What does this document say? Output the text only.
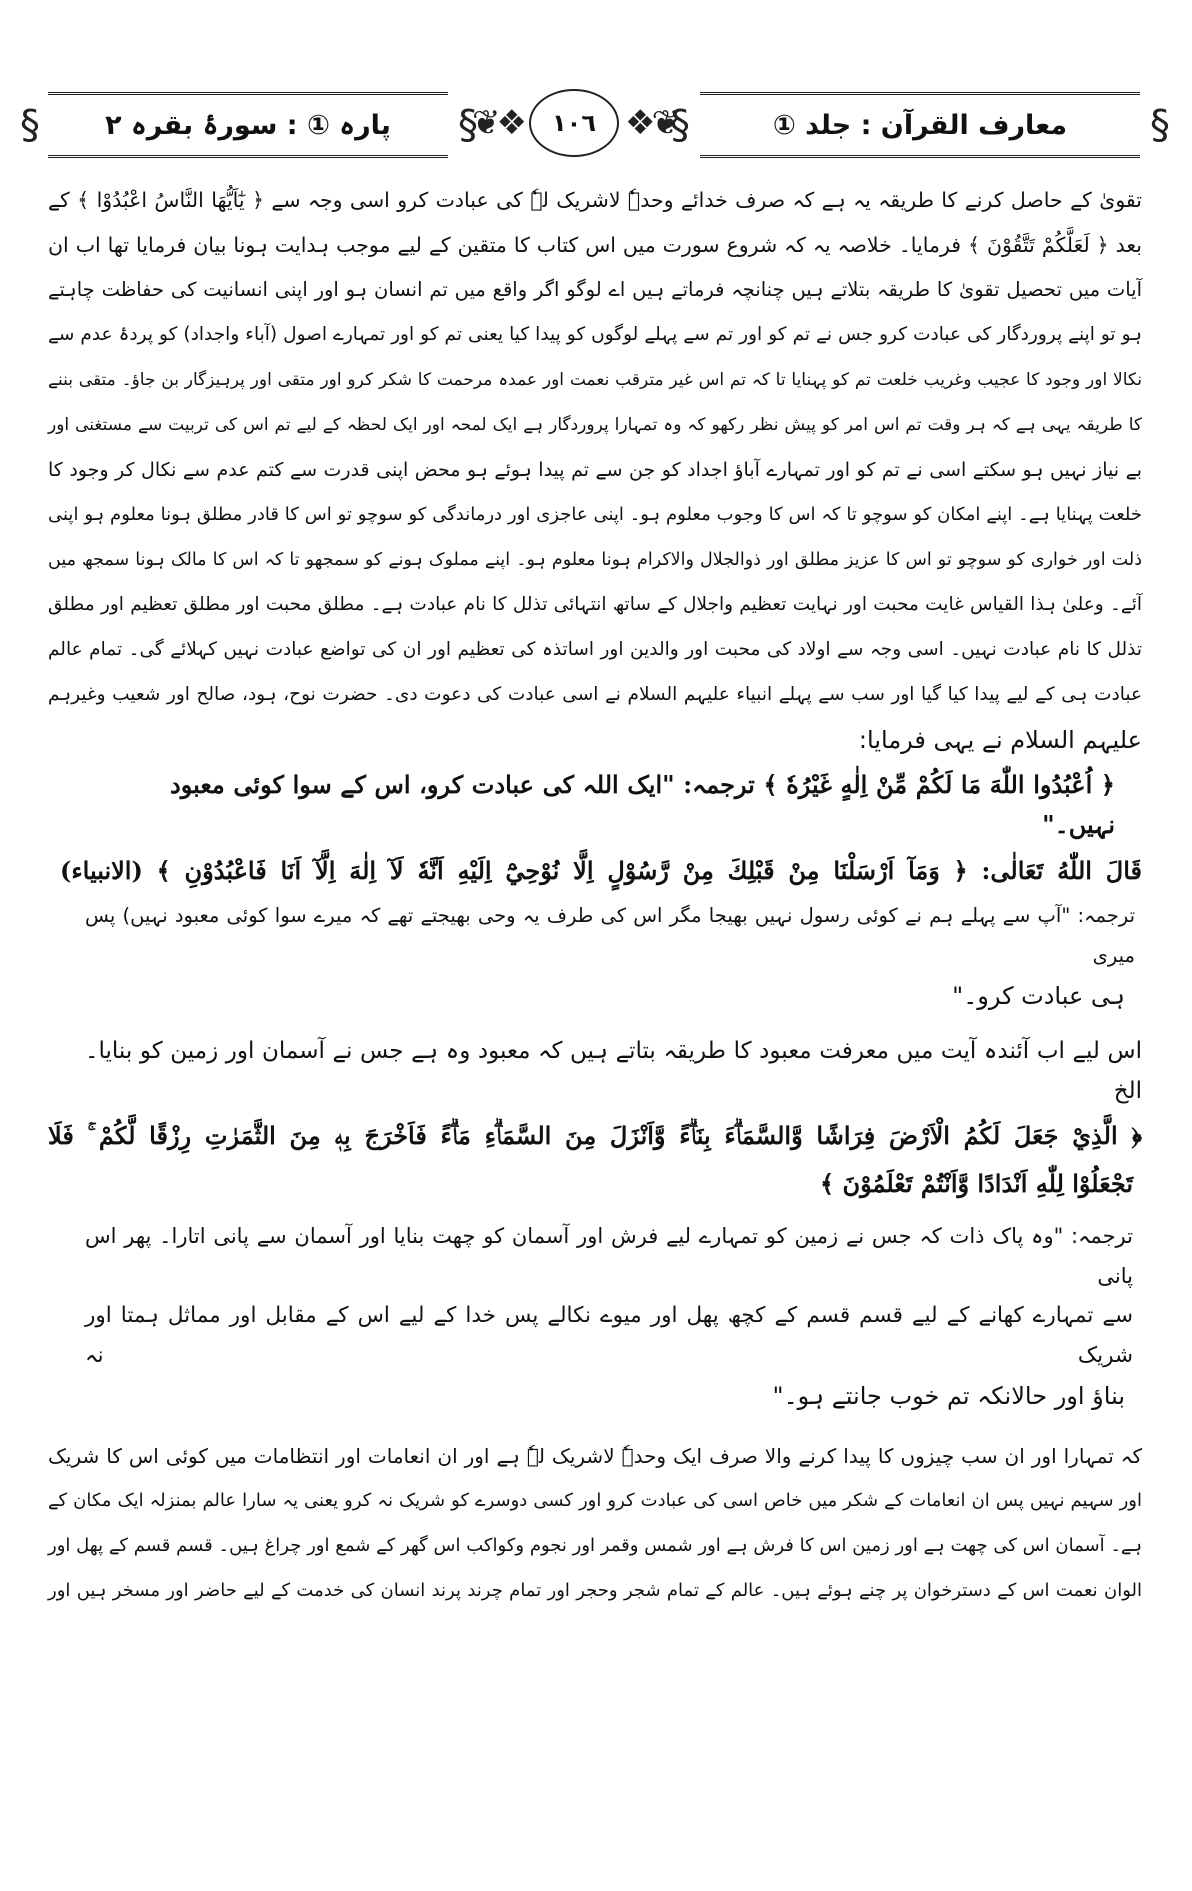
§
معارف القرآن : جلد ①
§
❦❖	١٠٦ ❖❦
§
پارہ ① : سورۂ بقرہ ۲
§
تقویٰ کے حاصل کرنے کا طریقہ یہ ہے کہ صرف خدائے وحدہٗ لاشریک لہٗ کی عبادت کرو اسی وجہ سے ﴿ يٰٓاَيُّهَا النَّاسُ اعْبُدُوْا ﴾ کے
بعد ﴿ لَعَلَّكُمْ تَتَّقُوْنَ ﴾ فرمایا۔ خلاصہ یہ کہ شروع سورت میں اس کتاب کا متقین کے لیے موجب ہدایت ہونا بیان فرمایا تھا اب ان
آیات میں تحصیل تقویٰ کا طریقہ بتلاتے ہیں چنانچہ فرماتے ہیں اے لوگو اگر واقع میں تم انسان ہو اور اپنی انسانیت کی حفاظت چاہتے
ہو تو اپنے پروردگار کی عبادت کرو جس نے تم کو اور تم سے پہلے لوگوں کو پیدا کیا یعنی تم کو اور تمہارے اصول (آباء واجداد) کو پردۂ عدم سے
نکالا اور وجود کا عجیب وغریب خلعت تم کو پہنایا تا کہ تم اس غیر مترقب نعمت اور عمدہ مرحمت کا شکر کرو اور متقی اور پرہیزگار بن جاؤ۔ متقی بننے
کا طریقہ یہی ہے کہ ہر وقت تم اس امر کو پیش نظر رکھو کہ وہ تمہارا پروردگار ہے ایک لمحہ اور ایک لحظہ کے لیے تم اس کی تربیت سے مستغنی اور
بے نیاز نہیں ہو سکتے اسی نے تم کو اور تمہارے آباؤ اجداد کو جن سے تم پیدا ہوئے ہو محض اپنی قدرت سے کتم عدم سے نکال کر وجود کا
خلعت پہنایا ہے۔ اپنے امکان کو سوچو تا کہ اس کا وجوب معلوم ہو۔ اپنی عاجزی اور درماندگی کو سوچو تو اس کا قادر مطلق ہونا معلوم ہو اپنی
ذلت اور خواری کو سوچو تو اس کا عزیز مطلق اور ذوالجلال والاکرام ہونا معلوم ہو۔ اپنے مملوک ہونے کو سمجھو تا کہ اس کا مالک ہونا سمجھ میں
آئے۔ وعلیٰ ہذا القیاس غایت محبت اور نہایت تعظیم واجلال کے ساتھ انتہائی تذلل کا نام عبادت ہے۔ مطلق محبت اور مطلق تعظیم اور مطلق
تذلل کا نام عبادت نہیں۔ اسی وجہ سے اولاد کی محبت اور والدین اور اساتذہ کی تعظیم اور ان کی تواضع عبادت نہیں کہلائے گی۔ تمام عالم
عبادت ہی کے لیے پیدا کیا گیا اور سب سے پہلے انبیاء علیہم السلام نے اسی عبادت کی دعوت دی۔ حضرت نوح، ہود، صالح اور شعیب وغیرہم
علیہم السلام نے یہی فرمایا:
﴿ اُعْبُدُوا اللّٰهَ مَا لَكُمْ مِّنْ اِلٰهٍ غَيْرُهٗ ﴾ ترجمہ: "ایک اللہ کی عبادت کرو، اس کے سوا کوئی معبود نہیں۔"
قَالَ اللّٰهُ تَعَالٰى: ﴿ وَمَآ اَرْسَلْنَا مِنْ قَبْلِكَ مِنْ رَّسُوْلٍ اِلَّا نُوْحِيْٓ اِلَيْهِ اَنَّهٗ لَآ اِلٰهَ اِلَّآ اَنَا فَاعْبُدُوْنِ ﴾ (الانبیاء)
ترجمہ: "آپ سے پہلے ہم نے کوئی رسول نہیں بھیجا مگر اس کی طرف یہ وحی بھیجتے تھے کہ میرے سوا کوئی معبود نہیں) پس میری
ہی عبادت کرو۔"
اس لیے اب آئندہ آیت میں معرفت معبود کا طریقہ بتاتے ہیں کہ معبود وہ ہے جس نے آسمان اور زمین کو بنایا۔ الخ
﴿ الَّذِيْ جَعَلَ لَكُمُ الْاَرْضَ فِرَاشًا وَّالسَّمَاۗءَ بِنَاۗءً وَّاَنْزَلَ مِنَ السَّمَاۗءِ مَاۗءً فَاَخْرَجَ بِهٖ مِنَ الثَّمَرٰتِ رِزْقًا لَّكُمْ ۚ فَلَا
تَجْعَلُوْا لِلّٰهِ اَنْدَادًا وَّاَنْتُمْ تَعْلَمُوْنَ ﴾
ترجمہ: "وہ پاک ذات کہ جس نے زمین کو تمہارے لیے فرش اور آسمان کو چھت بنایا اور آسمان سے پانی اتارا۔ پھر اس پانی
سے تمہارے کھانے کے لیے قسم قسم کے کچھ پھل اور میوے نکالے پس خدا کے لیے اس کے مقابل اور مماثل ہمتا اور شریک نہ
بناؤ اور حالانکہ تم خوب جانتے ہو۔"
کہ تمہارا اور ان سب چیزوں کا پیدا کرنے والا صرف ایک وحدہٗ لاشریک لہٗ ہے اور ان انعامات اور انتظامات میں کوئی اس کا شریک
اور سہیم نہیں پس ان انعامات کے شکر میں خاص اسی کی عبادت کرو اور کسی دوسرے کو شریک نہ کرو یعنی یہ سارا عالم بمنزلہ ایک مکان کے
ہے۔ آسمان اس کی چھت ہے اور زمین اس کا فرش ہے اور شمس وقمر اور نجوم وکواکب اس گھر کے شمع اور چراغ ہیں۔ قسم قسم کے پھل اور
الوان نعمت اس کے دسترخوان پر چنے ہوئے ہیں۔ عالم کے تمام شجر وحجر اور تمام چرند پرند انسان کی خدمت کے لیے حاضر اور مسخر ہیں اور
